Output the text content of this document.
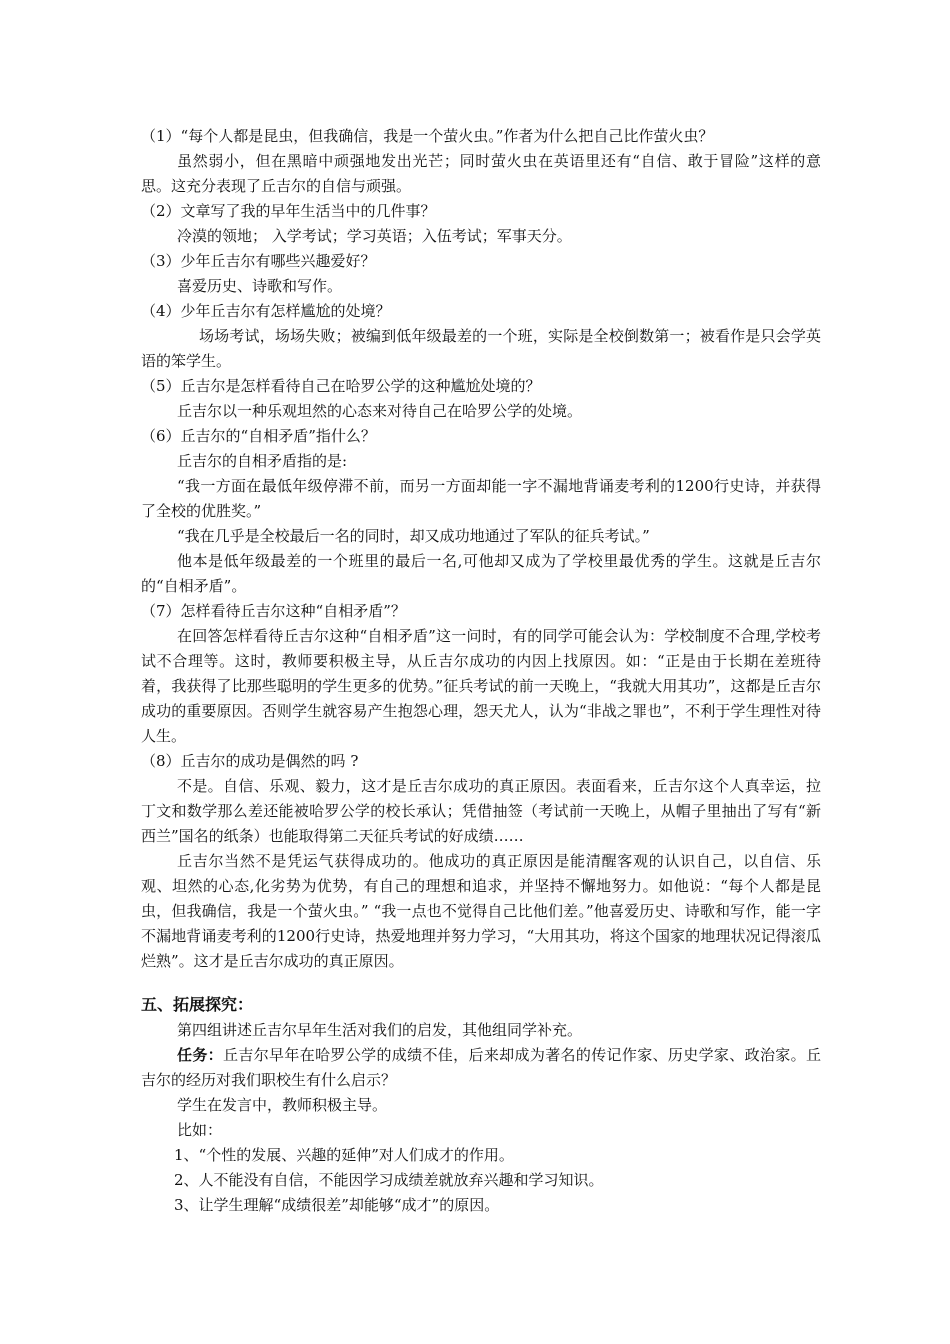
（1）“每个人都是昆虫，但我确信，我是一个萤火虫。”作者为什么把自己比作萤火虫？

虽然弱小，但在黑暗中顽强地发出光芒；同时萤火虫在英语里还有“自信、敢于冒险”这样的意思。这充分表现了丘吉尔的自信与顽强。

（2）文章写了我的早年生活当中的几件事？

冷漠的领地； 入学考试；学习英语；入伍考试；军事天分。

（3）少年丘吉尔有哪些兴趣爱好？

喜爱历史、诗歌和写作。

（4）少年丘吉尔有怎样尴尬的处境？

场场考试，场场失败；被编到低年级最差的一个班，实际是全校倒数第一；被看作是只会学英语的笨学生。

（5）丘吉尔是怎样看待自己在哈罗公学的这种尴尬处境的？

丘吉尔以一种乐观坦然的心态来对待自己在哈罗公学的处境。

（6）丘吉尔的“自相矛盾”指什么？

丘吉尔的自相矛盾指的是:

“我一方面在最低年级停滞不前，而另一方面却能一字不漏地背诵麦考利的1200行史诗，并获得了全校的优胜奖。”

“我在几乎是全校最后一名的同时，却又成功地通过了军队的征兵考试。”

他本是低年级最差的一个班里的最后一名,可他却又成为了学校里最优秀的学生。这就是丘吉尔的“自相矛盾”。

（7）怎样看待丘吉尔这种“自相矛盾”？

在回答怎样看待丘吉尔这种“自相矛盾”这一问时，有的同学可能会认为：学校制度不合理,学校考试不合理等。这时，教师要积极主导，从丘吉尔成功的内因上找原因。如：“正是由于长期在差班待着，我获得了比那些聪明的学生更多的优势。”征兵考试的前一天晚上，“我就大用其功”，这都是丘吉尔成功的重要原因。否则学生就容易产生抱怨心理，怨天尤人，认为“非战之罪也”，不利于学生理性对待人生。

（8）丘吉尔的成功是偶然的吗 ?

不是。自信、乐观、毅力，这才是丘吉尔成功的真正原因。表面看来，丘吉尔这个人真幸运，拉丁文和数学那么差还能被哈罗公学的校长承认；凭借抽签（考试前一天晚上，从帽子里抽出了写有“新西兰”国名的纸条）也能取得第二天征兵考试的好成绩……

丘吉尔当然不是凭运气获得成功的。他成功的真正原因是能清醒客观的认识自己，以自信、乐观、坦然的心态,化劣势为优势，有自己的理想和追求，并坚持不懈地努力。如他说：“每个人都是昆虫，但我确信，我是一个萤火虫。” “我一点也不觉得自己比他们差。”他喜爱历史、诗歌和写作，能一字不漏地背诵麦考利的1200行史诗，热爱地理并努力学习，“大用其功，将这个国家的地理状况记得滚瓜烂熟”。这才是丘吉尔成功的真正原因。

五、拓展探究：

第四组讲述丘吉尔早年生活对我们的启发，其他组同学补充。

任务：丘吉尔早年在哈罗公学的成绩不佳，后来却成为著名的传记作家、历史学家、政治家。丘吉尔的经历对我们职校生有什么启示？

学生在发言中，教师积极主导。

比如：

1、“个性的发展、兴趣的延伸”对人们成才的作用。

2、人不能没有自信，不能因学习成绩差就放弃兴趣和学习知识。

3、让学生理解“成绩很差”却能够“成才”的原因。
